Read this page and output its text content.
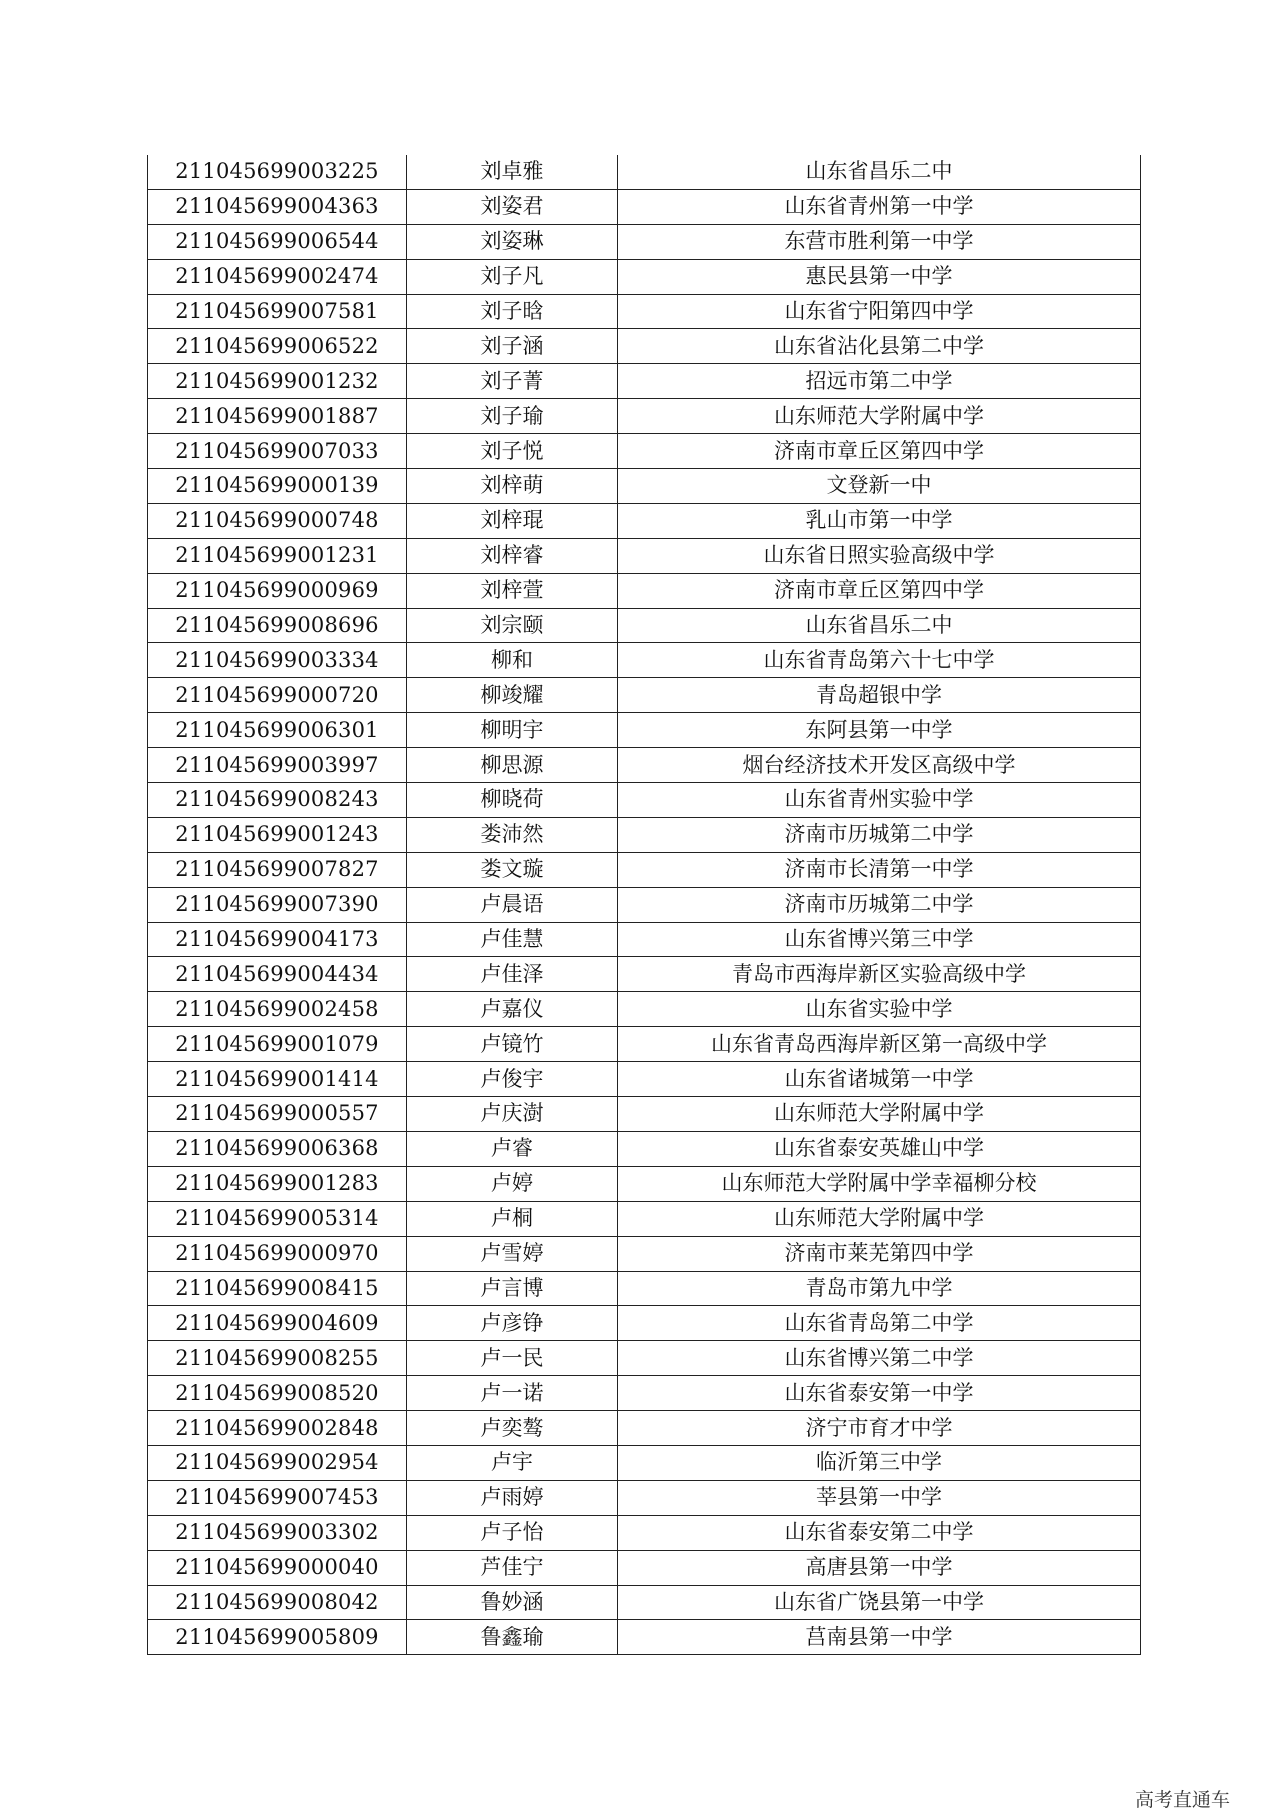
211045699003225	刘卓雅	山东省昌乐二中
211045699004363	刘姿君	山东省青州第一中学
211045699006544	刘姿琳	东营市胜利第一中学
211045699002474	刘子凡	惠民县第一中学
211045699007581	刘子晗	山东省宁阳第四中学
211045699006522	刘子涵	山东省沾化县第二中学
211045699001232	刘子菁	招远市第二中学
211045699001887	刘子瑜	山东师范大学附属中学
211045699007033	刘子悦	济南市章丘区第四中学
211045699000139	刘梓萌	文登新一中
211045699000748	刘梓琨	乳山市第一中学
211045699001231	刘梓睿	山东省日照实验高级中学
211045699000969	刘梓萱	济南市章丘区第四中学
211045699008696	刘宗颐	山东省昌乐二中
211045699003334	柳和	山东省青岛第六十七中学
211045699000720	柳竣耀	青岛超银中学
211045699006301	柳明宇	东阿县第一中学
211045699003997	柳思源	烟台经济技术开发区高级中学
211045699008243	柳晓荷	山东省青州实验中学
211045699001243	娄沛然	济南市历城第二中学
211045699007827	娄文璇	济南市长清第一中学
211045699007390	卢晨语	济南市历城第二中学
211045699004173	卢佳慧	山东省博兴第三中学
211045699004434	卢佳泽	青岛市西海岸新区实验高级中学
211045699002458	卢嘉仪	山东省实验中学
211045699001079	卢镜竹	山东省青岛西海岸新区第一高级中学
211045699001414	卢俊宇	山东省诸城第一中学
211045699000557	卢庆澍	山东师范大学附属中学
211045699006368	卢睿	山东省泰安英雄山中学
211045699001283	卢婷	山东师范大学附属中学幸福柳分校
211045699005314	卢桐	山东师范大学附属中学
211045699000970	卢雪婷	济南市莱芜第四中学
211045699008415	卢言博	青岛市第九中学
211045699004609	卢彦铮	山东省青岛第二中学
211045699008255	卢一民	山东省博兴第二中学
211045699008520	卢一诺	山东省泰安第一中学
211045699002848	卢奕骜	济宁市育才中学
211045699002954	卢宇	临沂第三中学
211045699007453	卢雨婷	莘县第一中学
211045699003302	卢子怡	山东省泰安第二中学
211045699000040	芦佳宁	高唐县第一中学
211045699008042	鲁妙涵	山东省广饶县第一中学
211045699005809	鲁鑫瑜	莒南县第一中学
高考直通车
